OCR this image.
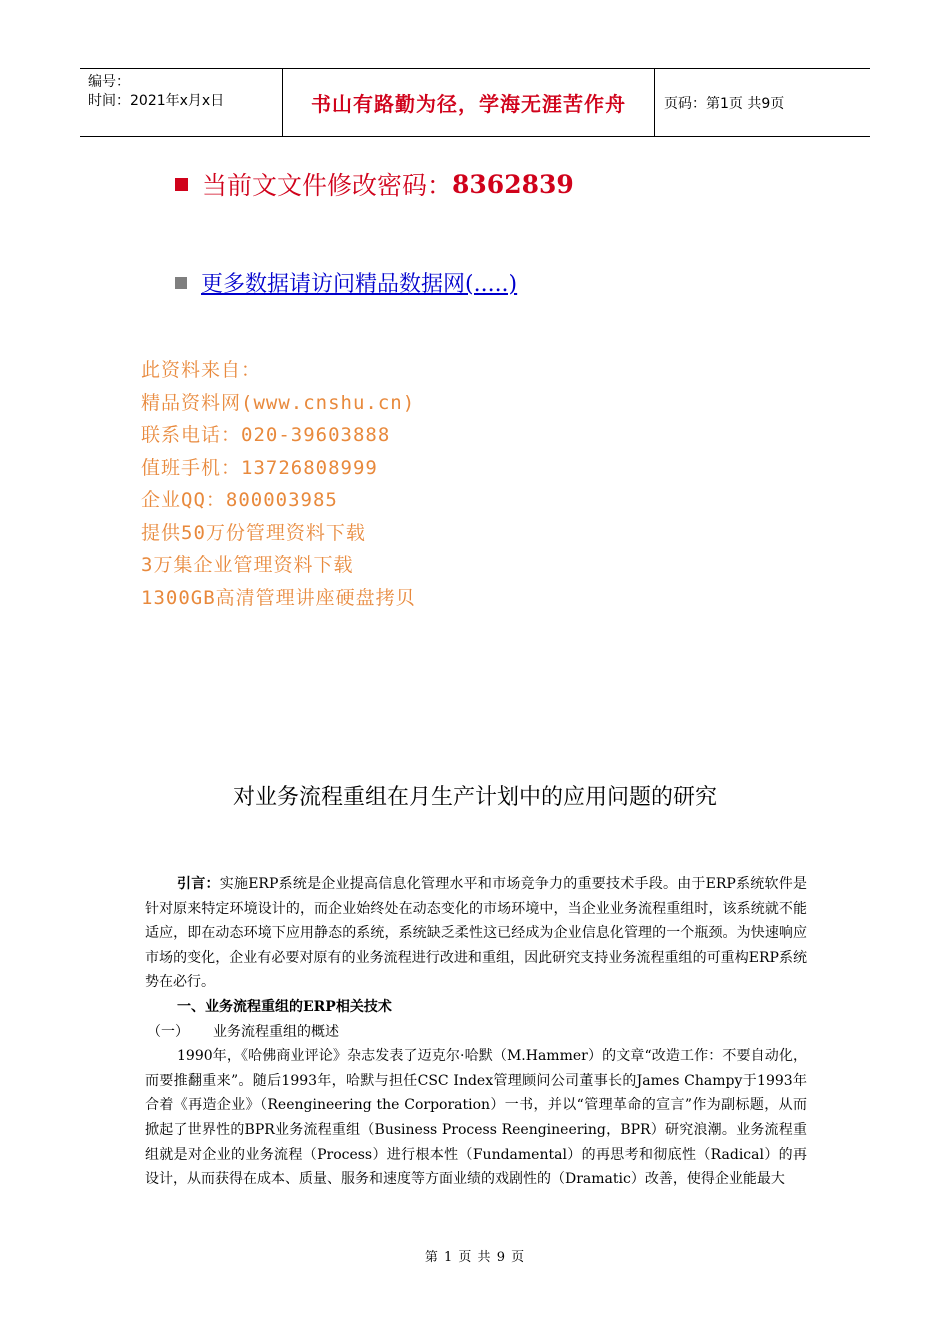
编号：
时间：2021年x月x日	书山有路勤为径，学海无涯苦作舟	页码：第1页 共9页
当前文文件修改密码： 8362839
更多数据请访问精品数据网(.....)
此资料来自：
精品资料网(www.cnshu.cn)
联系电话：020-39603888
值班手机：13726808999
企业QQ：800003985
提供50万份管理资料下载
3万集企业管理资料下载
1300GB高清管理讲座硬盘拷贝
对业务流程重组在月生产计划中的应用问题的研究

引言：实施ERP系统是企业提高信息化管理水平和市场竞争力的重要技术手段。由于ERP系统软件是针对原来特定环境设计的，而企业始终处在动态变化的市场环境中，当企业业务流程重组时，该系统就不能适应，即在动态环境下应用静态的系统，系统缺乏柔性这已经成为企业信息化管理的一个瓶颈。为快速响应市场的变化，企业有必要对原有的业务流程进行改进和重组，因此研究支持业务流程重组的可重构ERP系统势在必行。

一、业务流程重组的ERP相关技术

（一） 业务流程重组的概述

1990年，《哈佛商业评论》杂志发表了迈克尔·哈默（M.Hammer）的文章“改造工作：不要自动化，而要推翻重来”。随后1993年，哈默与担任CSC Index管理顾问公司董事长的James Champy于1993年合着《再造企业》（Reengineering the Corporation）一书，并以“管理革命的宣言”作为副标题，从而掀起了世界性的BPR业务流程重组（Business Process Reengineering，BPR）研究浪潮。业务流程重组就是对企业的业务流程（Process）进行根本性（Fundamental）的再思考和彻底性（Radical）的再设计，从而获得在成本、质量、服务和速度等方面业绩的戏剧性的（Dramatic）改善，使得企业能最大

第 1 页 共 9 页
